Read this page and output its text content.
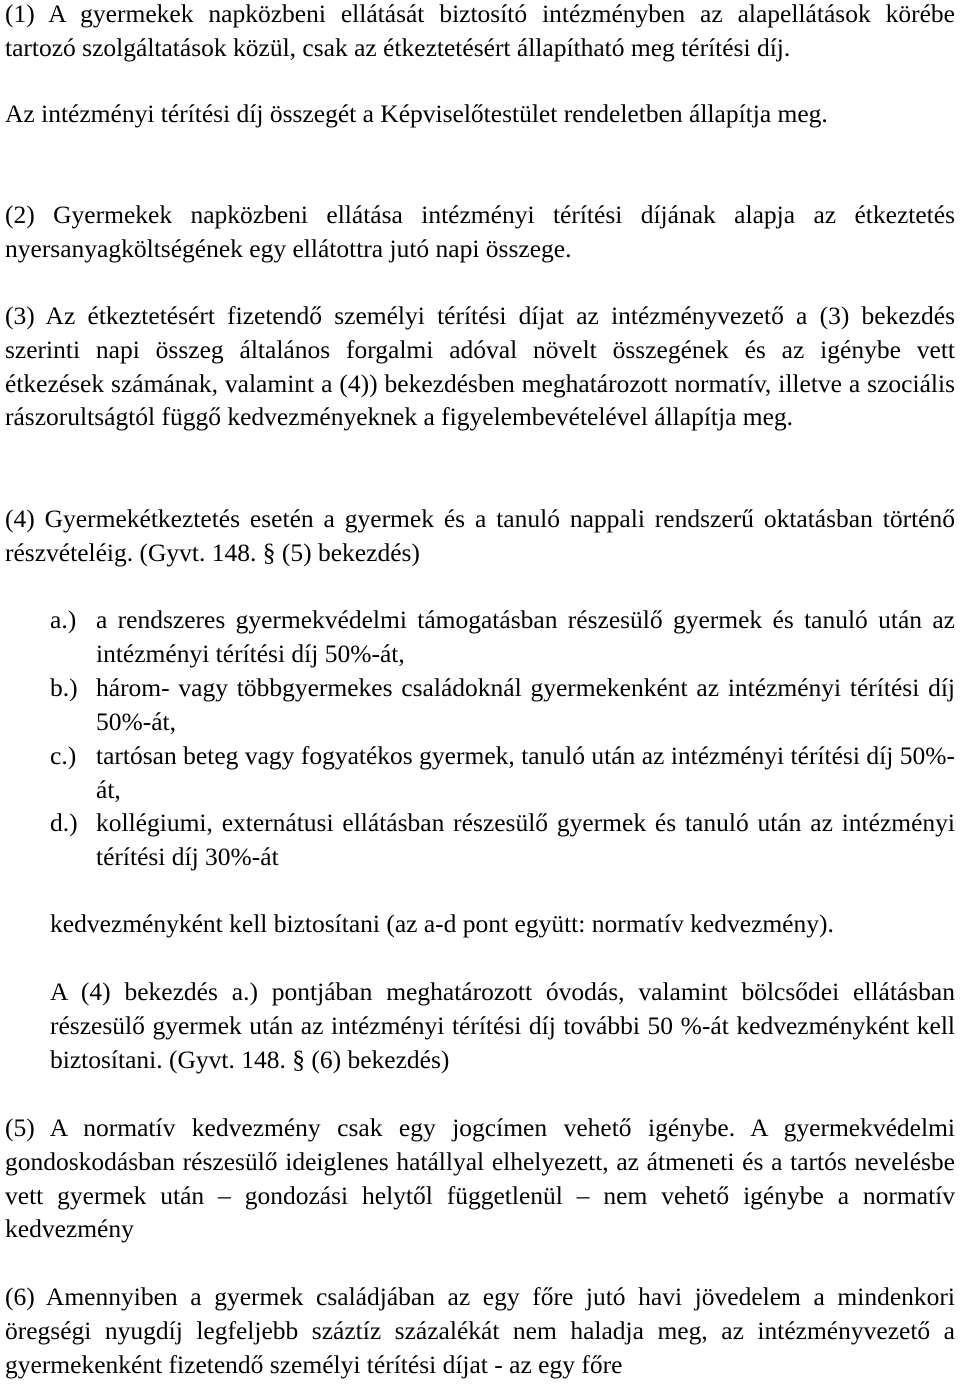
(1) A gyermekek napközbeni ellátását biztosító intézményben az alapellátások körébe tartozó szolgáltatások közül, csak az étkeztetésért állapítható meg térítési díj.

Az intézményi térítési díj összegét a Képviselőtestület rendeletben állapítja meg.

(2) Gyermekek napközbeni ellátása intézményi térítési díjának alapja az étkeztetés nyersanyagköltségének egy ellátottra jutó napi összege.

(3) Az étkeztetésért fizetendő személyi térítési díjat az intézményvezető a (3) bekezdés szerinti napi összeg általános forgalmi adóval növelt összegének és az igénybe vett étkezések számának, valamint a (4)) bekezdésben meghatározott normatív, illetve a szociális rászorultságtól függő kedvezményeknek a figyelembevételével állapítja meg.

(4) Gyermekétkeztetés esetén a gyermek és a tanuló nappali rendszerű oktatásban történő részvételéig. (Gyvt. 148. § (5) bekezdés)

a.) a rendszeres gyermekvédelmi támogatásban részesülő gyermek és tanuló után az intézményi térítési díj 50%-át,
b.) három- vagy többgyermekes családoknál gyermekenként az intézményi térítési díj 50%-át,
c.) tartósan beteg vagy fogyatékos gyermek, tanuló után az intézményi térítési díj 50%-át,
d.) kollégiumi, externátusi ellátásban részesülő gyermek és tanuló után az intézményi térítési díj 30%-át

kedvezményként kell biztosítani (az a-d pont együtt: normatív kedvezmény).

A (4) bekezdés a.) pontjában meghatározott óvodás, valamint bölcsődei ellátásban részesülő gyermek után az intézményi térítési díj további 50 %-át kedvezményként kell biztosítani. (Gyvt. 148. § (6) bekezdés)

(5) A normatív kedvezmény csak egy jogcímen vehető igénybe. A gyermekvédelmi gondoskodásban részesülő ideiglenes hatállyal elhelyezett, az átmeneti és a tartós nevelésbe vett gyermek után – gondozási helytől függetlenül – nem vehető igénybe a normatív kedvezmény

(6) Amennyiben a gyermek családjában az egy főre jutó havi jövedelem a mindenkori öregségi nyugdíj legfeljebb száztíz százalékát nem haladja meg, az intézményvezető a gyermekenként fizetendő személyi térítési díjat - az egy főre
